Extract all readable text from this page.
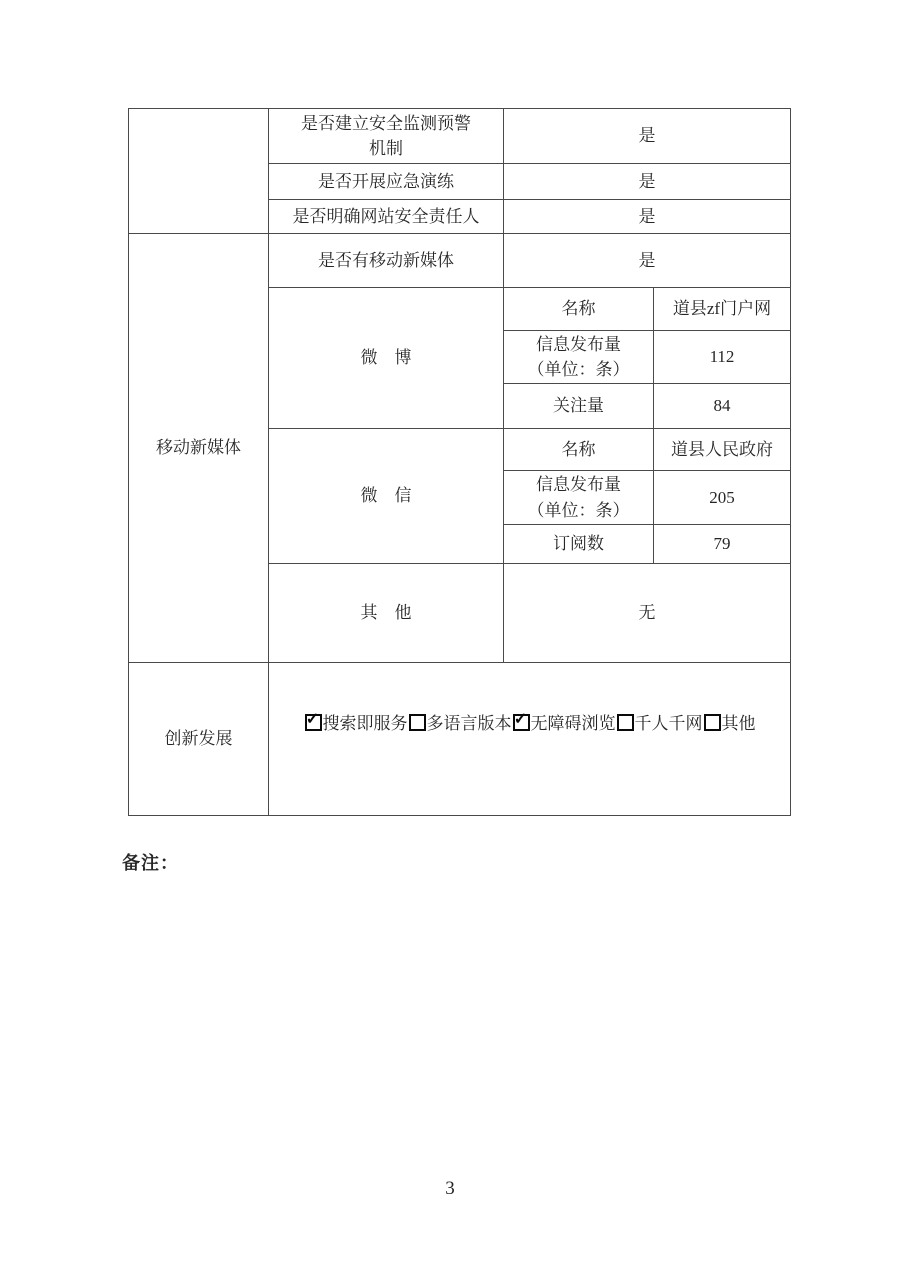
	是否建立安全监测预警
机制	是	
	是否开展应急演练	是	
	是否明确网站安全责任人	是	
移动新媒体	是否有移动新媒体	是	
	微　博	名称	道县zf门户网
		信息发布量
（单位：条）	112
		关注量	84
	微　信	名称	道县人民政府
		信息发布量
（单位：条）	205
		订阅数	79
	其　他	无	
创新发展	
✓搜索即服务 多语言版本 ✓ 无障碍浏览 千人千网 其他
备注：
3
